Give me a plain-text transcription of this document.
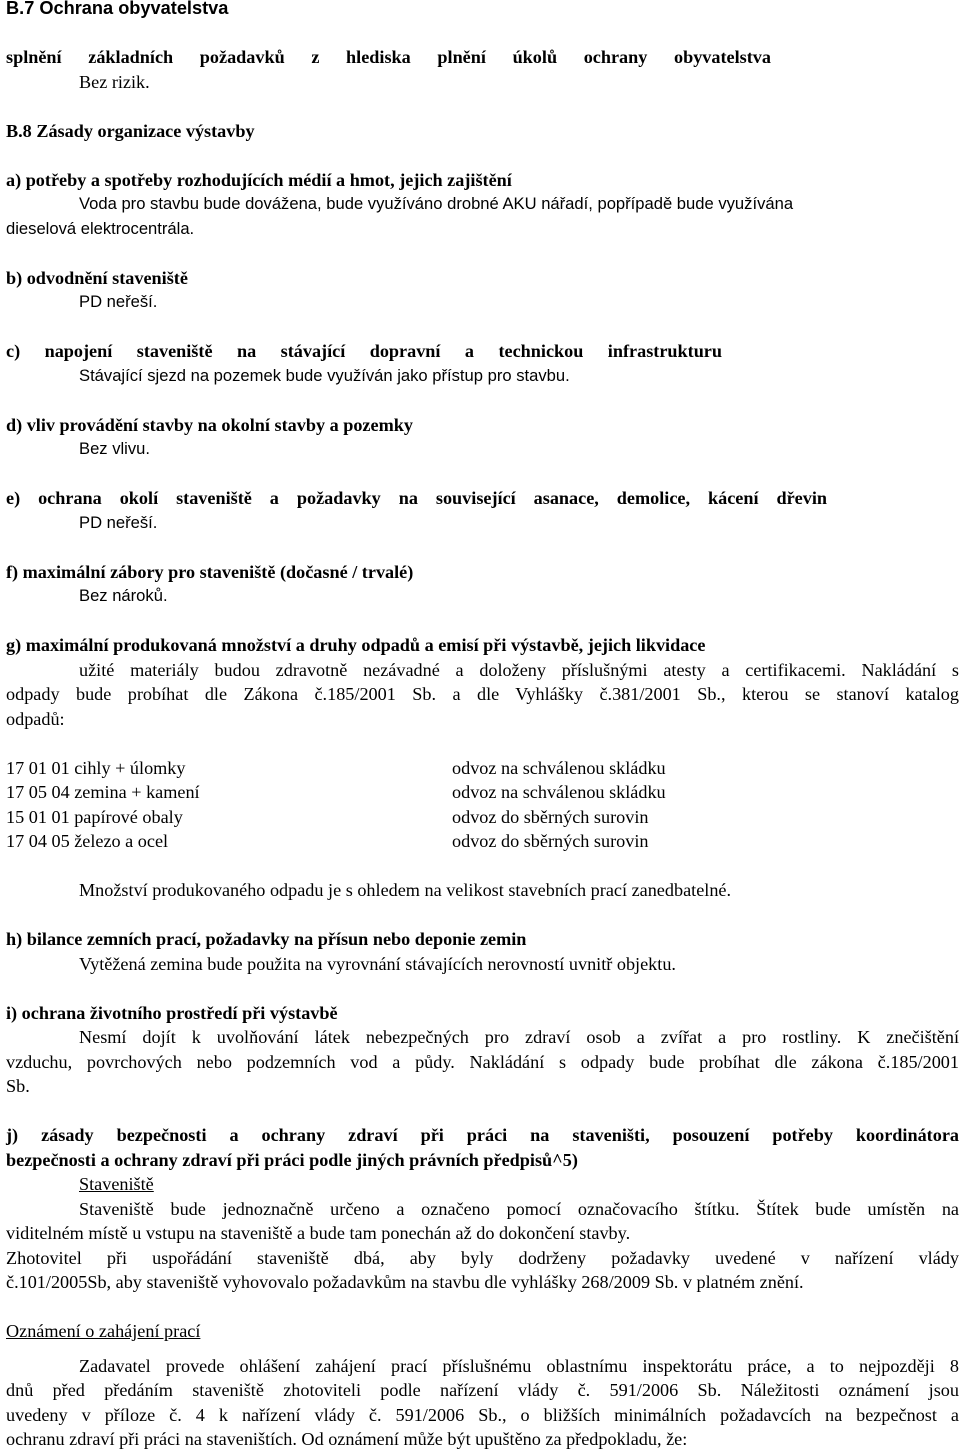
B.7 Ochrana obyvatelstva
splnění základních požadavků z hlediska plnění úkolů ochrany obyvatelstva
Bez rizik.
B.8 Zásady organizace výstavby
a) potřeby a spotřeby rozhodujících médií a hmot, jejich zajištění
Voda pro stavbu bude dovážena, bude využíváno drobné AKU nářadí, popřípadě bude využívána
dieselová elektrocentrála.
b) odvodnění staveniště
PD neřeší.
c) napojení staveniště na stávající dopravní a technickou infrastrukturu
Stávající sjezd na pozemek bude využíván jako přístup pro stavbu.
d) vliv provádění stavby na okolní stavby a pozemky
Bez vlivu.
e) ochrana okolí staveniště a požadavky na související asanace, demolice, kácení dřevin
PD neřeší.
f) maximální zábory pro staveniště (dočasné / trvalé)
Bez nároků.
g) maximální produkovaná množství a druhy odpadů a emisí při výstavbě, jejich likvidace
užité materiály budou zdravotně nezávadné a doloženy příslušnými atesty a certifikacemi. Nakládání s
odpady bude probíhat dle Zákona č.185/2001 Sb. a dle Vyhlášky č.381/2001 Sb., kterou se stanoví katalog
odpadů:
17 01 01 cihly + úlomky	odvoz na schválenou skládku
17 05 04 zemina + kamení	odvoz na schválenou skládku
15 01 01 papírové obaly	odvoz do sběrných surovin
17 04 05 železo a ocel	odvoz do sběrných surovin
Množství produkovaného odpadu je s ohledem na velikost stavebních prací zanedbatelné.
h) bilance zemních prací, požadavky na přísun nebo deponie zemin
Vytěžená zemina bude použita na vyrovnání stávajících nerovností uvnitř objektu.
i) ochrana životního prostředí při výstavbě
Nesmí dojít k uvolňování látek nebezpečných pro zdraví osob a zvířat a pro rostliny. K znečištění
vzduchu, povrchových nebo podzemních vod a půdy. Nakládání s odpady bude probíhat dle zákona č.185/2001
Sb.
j) zásady bezpečnosti a ochrany zdraví při práci na staveništi, posouzení potřeby koordinátora
bezpečnosti a ochrany zdraví při práci podle jiných právních předpisů^5)
Staveniště
Staveniště bude jednoznačně určeno a označeno pomocí označovacího štítku. Štítek bude umístěn na
viditelném místě u vstupu na staveniště a bude tam ponechán až do dokončení stavby.
Zhotovitel při uspořádání staveniště dbá, aby byly dodrženy požadavky uvedené v nařízení vlády
č.101/2005Sb, aby staveniště vyhovovalo požadavkům na stavbu dle vyhlášky 268/2009 Sb. v platném znění.
Oznámení o zahájení prací
Zadavatel provede ohlášení zahájení prací příslušnému oblastnímu inspektorátu práce, a to nejpozději 8
dnů před předáním staveniště zhotoviteli podle nařízení vlády č. 591/2006 Sb. Náležitosti oznámení jsou
uvedeny v příloze č. 4 k nařízení vlády č. 591/2006 Sb., o bližších minimálních požadavcích na bezpečnost a
ochranu zdraví při práci na staveništích. Od oznámení může být upuštěno za předpokladu, že:
